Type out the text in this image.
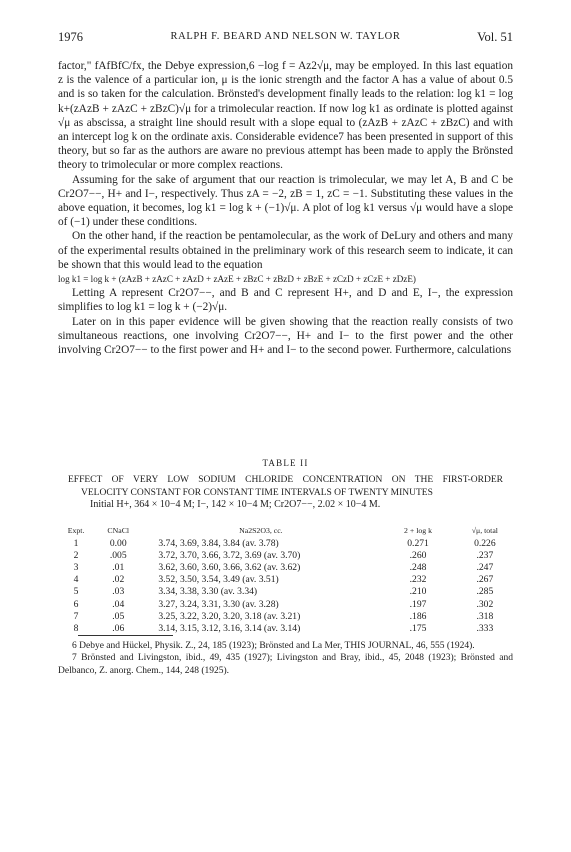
1976	RALPH F. BEARD AND NELSON W. TAYLOR	Vol. 51

factor," fAfBfC/fx, the Debye expression,6 −log f = Az2√μ, may be employed. In this last equation z is the valence of a particular ion, μ is the ionic strength and the factor A has a value of about 0.5 and is so taken for the calculation. Brönsted's development finally leads to the relation: log k1 = log k+(zAzB + zAzC + zBzC)√μ for a trimolecular reaction. If now log k1 as ordinate is plotted against √μ as abscissa, a straight line should result with a slope equal to (zAzB + zAzC + zBzC) and with an intercept log k on the ordinate axis. Considerable evidence7 has been presented in support of this theory, but so far as the authors are aware no previous attempt has been made to apply the Brönsted theory to trimolecular or more complex reactions.

Assuming for the sake of argument that our reaction is trimolecular, we may let A, B and C be Cr2O7−−, H+ and I−, respectively. Thus zA = −2, zB = 1, zC = −1. Substituting these values in the above equation, it becomes, log k1 = log k + (−1)√μ. A plot of log k1 versus √μ would have a slope of (−1) under these conditions.

On the other hand, if the reaction be pentamolecular, as the work of DeLury and others and many of the experimental results obtained in the preliminary work of this research seem to indicate, it can be shown that this would lead to the equation

log k1 = log k + (zAzB + zAzC + zAzD + zAzE + zBzC + zBzD + zBzE + zCzD + zCzE + zDzE)

Letting A represent Cr2O7−−, and B and C represent H+, and D and E, I−, the expression simplifies to log k1 = log k + (−2)√μ.

Later on in this paper evidence will be given showing that the reaction really consists of two simultaneous reactions, one involving Cr2O7−−, H+ and I− to the first power and the other involving Cr2O7−− to the first power and H+ and I− to the second power. Furthermore, calculations

TABLE II
EFFECT OF VERY LOW SODIUM CHLORIDE CONCENTRATION ON THE FIRST-ORDER
VELOCITY CONSTANT FOR CONSTANT TIME INTERVALS OF TWENTY MINUTES
Initial H+, 364 × 10−4 M; I−, 142 × 10−4 M; Cr2O7−−, 2.02 × 10−4 M.
Expt.	CNaCl	Na2S2O3, cc.	2 + log k	√μ, total
1	0.00	3.74, 3.69, 3.84, 3.84 (av. 3.78)	0.271	0.226
2	.005	3.72, 3.70, 3.66, 3.72, 3.69 (av. 3.70)	.260	.237
3	.01	3.62, 3.60, 3.60, 3.66, 3.62 (av. 3.62)	.248	.247
4	.02	3.52, 3.50, 3.54, 3.49 (av. 3.51)	.232	.267
5	.03	3.34, 3.38, 3.30 (av. 3.34)	.210	.285
6	.04	3.27, 3.24, 3.31, 3.30 (av. 3.28)	.197	.302
7	.05	3.25, 3.22, 3.20, 3.20, 3.18 (av. 3.21)	.186	.318
8	.06	3.14, 3.15, 3.12, 3.16, 3.14 (av. 3.14)	.175	.333

6 Debye and Hückel, Physik. Z., 24, 185 (1923); Brönsted and La Mer, THIS JOURNAL, 46, 555 (1924).

7 Brönsted and Livingston, ibid., 49, 435 (1927); Livingston and Bray, ibid., 45, 2048 (1923); Brönsted and Delbanco, Z. anorg. Chem., 144, 248 (1925).
